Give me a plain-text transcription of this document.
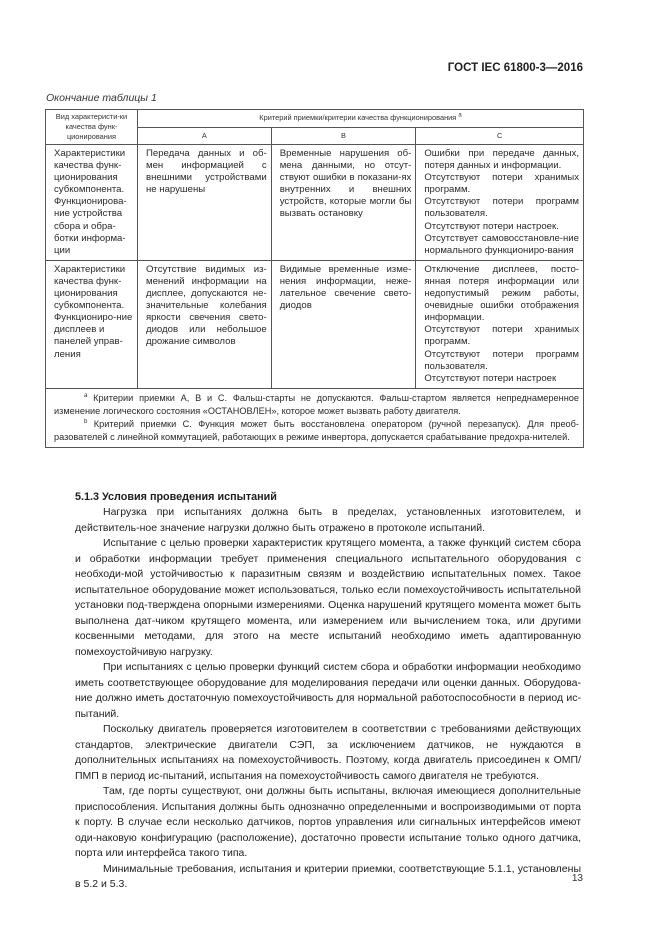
ГОСТ IEC 61800-3—2016
Окончание таблицы 1
Вид характеристи-ки качества функ-ционирования	Критерий приемки/критерии качества функционирования $^a$
	A	B	C
Характеристики качества функ-ционирования субкомпонента. Функционирова-ние устройства сбора и обра-ботки информа-ции	Передача данных и об-мен информацией с внешними устройствами не нарушены	Временные нарушения об-мена данными, но отсут-ствуют ошибки в показани-ях внутренних и внешних устройств, которые могли бы вызвать остановку	Ошибки при передаче данных, потеря данных и информации.
Отсутствуют потери хранимых программ.
Отсутствуют потери программ пользователя.
Отсутствуют потери настроек.
Отсутствует самовосстановле-ние нормального функциониро-вания

Характеристики качества функ-ционирования субкомпонента. Функциониро-ние дисплеев и панелей управ-ления	Отсутствие видимых из-менений информации на дисплее, допускаются не-значительные колебания яркости свечения свето-диодов или небольшое дрожание символов	Видимые временные изме-нения информации, нежe-лательное свечение свето-диодов	Отключение дисплеев, посто-янная потеря информации или недопустимый режим работы, очевидные ошибки отображения информации.
Отсутствуют потери хранимых программ.
Отсутствуют потери программ пользователя.
Отсутствуют потери настроек

$^a$ Критерии приемки A, B и C. Фальш-старты не допускаются. Фальш-стартом является непреднамеренное изменение логического состояния «ОСТАНОВЛЕН», которое может вызвать работу двигателя.

$^b$ Критерий приемки C. Функция может быть восстановлена оператором (ручной перезапуск). Для преоб-разователей с линейной коммутацией, работающих в режиме инвертора, допускается срабатывание предохра-нителей.			

5.1.3 Условия проведения испытаний

Нагрузка при испытаниях должна быть в пределах, установленных изготовителем, и действитель-ное значение нагрузки должно быть отражено в протоколе испытаний.

Испытание с целью проверки характеристик крутящего момента, а также функций систем сбора и обработки информации требует применения специального испытательного оборудования с необходи-мой устойчивостью к паразитным связям и воздействию испытательных помех. Такое испытательное оборудование может использоваться, только если помехоустойчивость испытательной установки под-тверждена опорными измерениями. Оценка нарушений крутящего момента может быть выполнена дат-чиком крутящего момента, или измерением или вычислением тока, или другими косвенными методами, для этого на месте испытаний необходимо иметь адаптированную помехоустойчивую нагрузку.

При испытаниях с целью проверки функций систем сбора и обработки информации необходимо иметь соответствующее оборудование для моделирования передачи или оценки данных. Оборудова-ние должно иметь достаточную помехоустойчивость для нормальной работоспособности в период ис-пытаний.

Поскольку двигатель проверяется изготовителем в соответствии с требованиями действующих стандартов, электрические двигатели СЭП, за исключением датчиков, не нуждаются в дополнительных испытаниях на помехоустойчивость. Поэтому, когда двигатель присоединен к ОМП/ПМП в период ис-пытаний, испытания на помехоустойчивость самого двигателя не требуются.

Там, где порты существуют, они должны быть испытаны, включая имеющиеся дополнительные приспособления. Испытания должны быть однозначно определенными и воспроизводимыми от порта к порту. В случае если несколько датчиков, портов управления или сигнальных интерфейсов имеют оди-наковую конфигурацию (расположение), достаточно провести испытание только одного датчика, порта или интерфейса такого типа.

Минимальные требования, испытания и критерии приемки, соответствующие 5.1.1, установлены в 5.2 и 5.3.	13
